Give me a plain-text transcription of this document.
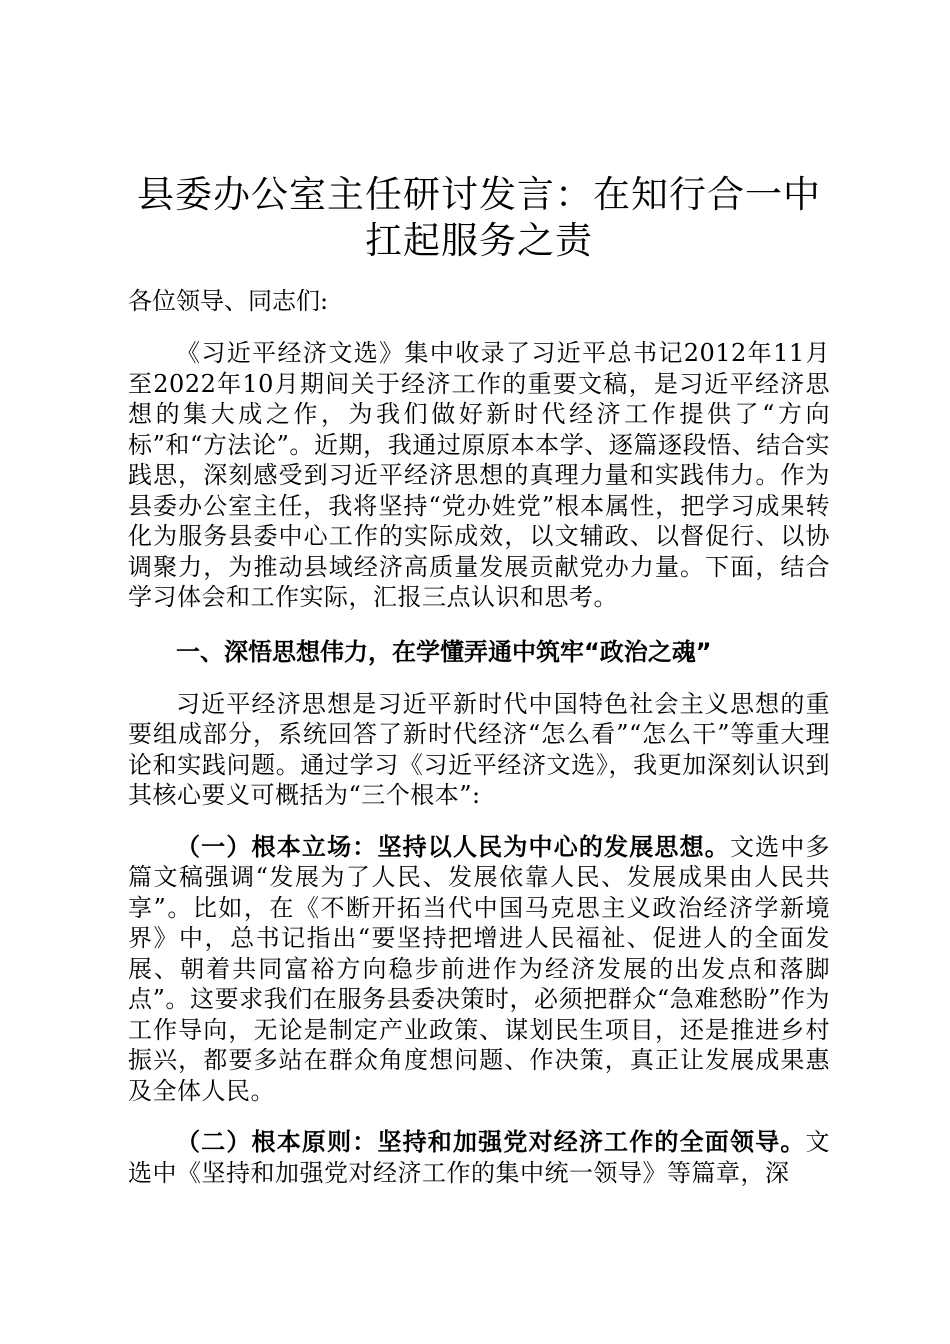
县委办公室主任研讨发言：在知行合一中扛起服务之责

各位领导、同志们:

《习近平经济文选》集中收录了习近平总书记2012年11月至2022年10月期间关于经济工作的重要文稿，是习近平经济思想的集大成之作，为我们做好新时代经济工作提供了“方向标”和“方法论”。近期，我通过原原本本学、逐篇逐段悟、结合实践思，深刻感受到习近平经济思想的真理力量和实践伟力。作为县委办公室主任，我将坚持“党办姓党”根本属性，把学习成果转化为服务县委中心工作的实际成效，以文辅政、以督促行、以协调聚力，为推动县域经济高质量发展贡献党办力量。下面，结合学习体会和工作实际，汇报三点认识和思考。

一、深悟思想伟力，在学懂弄通中筑牢“政治之魂”

习近平经济思想是习近平新时代中国特色社会主义思想的重要组成部分，系统回答了新时代经济“怎么看”“怎么干”等重大理论和实践问题。通过学习《习近平经济文选》，我更加深刻认识到其核心要义可概括为“三个根本”:

（一）根本立场：坚持以人民为中心的发展思想。文选中多篇文稿强调“发展为了人民、发展依靠人民、发展成果由人民共享”。比如，在《不断开拓当代中国马克思主义政治经济学新境界》中，总书记指出“要坚持把增进人民福祉、促进人的全面发展、朝着共同富裕方向稳步前进作为经济发展的出发点和落脚点”。这要求我们在服务县委决策时，必须把群众“急难愁盼”作为工作导向，无论是制定产业政策、谋划民生项目，还是推进乡村振兴，都要多站在群众角度想问题、作决策，真正让发展成果惠及全体人民。

（二）根本原则：坚持和加强党对经济工作的全面领导。文选中《坚持和加强党对经济工作的集中统一领导》等篇章，深
